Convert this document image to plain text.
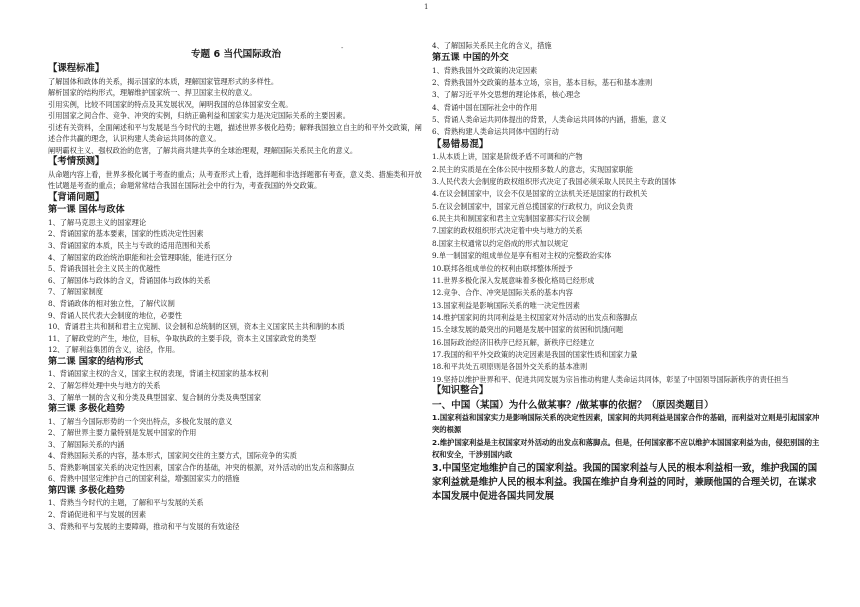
1
-
专题 6 当代国际政治
【课程标准】
了解国体和政体的关系，揭示国家的本质，理解国家管理形式的多样性。
解析国家的结构形式，理解维护国家统一、捍卫国家主权的意义。
引用实例，比较不同国家的特点及其发展状况，阐明我国的总体国家安全观。
引用国家之间合作、竞争、冲突的实例，归纳正确利益和国家实力是决定国际关系的主要因素。
引述有关资料，全面阐述和平与发展是当今时代的主题，描述世界多极化趋势；解释我国独立自主的和平外交政策，阐述合作共赢的理念，认识构建人类命运共同体的意义。
阐明霸权主义、强权政治的危害，了解共商共建共享的全球治理观，理解国际关系民主化的意义。
【考情预测】
从命题内容上看，世界多极化属于考查的重点；从考查形式上看，选择题和非选择题都有考查，意义类、措施类和开放性试题是考查的重点；命题常常结合我国在国际社会中的行为，考查我国的外交政策。
【背诵问题】
第一课 国体与政体
1、了解马克思主义的国家理论
2、背诵国家的基本要素，国家的性质决定性因素
3、背诵国家的本质，民主与专政的适用范围和关系
4、了解国家的政治统治职能和社会管理职能，能进行区分
5、背诵我国社会主义民主的优越性
6、了解国体与政体的含义，背诵国体与政体的关系
7、了解国家制度
8、背诵政体的相对独立性，了解代议制
9、背诵人民代表大会制度的地位，必要性
10、背诵君主共和制和君主立宪制、议会制和总统制的区别，资本主义国家民主共和制的本质
11、了解政党的产生，地位，目标，争取执政的主要手段，资本主义国家政党的类型
12、了解利益集团的含义，途径，作用。
第二课 国家的结构形式
1、背诵国家主权的含义，国家主权的表现，背诵主权国家的基本权利
2、了解怎样处理中央与地方的关系
3、了解单一制的含义和分类及典型国家、复合制的分类及典型国家
第三课 多极化趋势
1、了解当今国际形势的一个突出特点，多极化发展的意义
2、了解世界主要力量特别是发展中国家的作用
3、了解国际关系的内涵
4、背熟国际关系的内容，基本形式，国家间交往的主要方式，国际竞争的实质
5、背熟影响国家关系的决定性因素，国家合作的基础，冲突的根源，对外活动的出发点和落脚点
6、背熟中国坚定维护自己的国家利益，增强国家实力的措施
第四课 多极化趋势
1、背熟当今时代的主题，了解和平与发展的关系
2、背诵促进和平与发展的因素
3、背熟和平与发展的主要障碍，推动和平与发展的有效途径
4、了解国际关系民主化的含义，措施
第五课 中国的外交
1、背熟我国外交政策的决定因素
2、背熟我国外交政策的基本立场，宗旨，基本目标，基石和基本准则
3、了解习近平外交思想的理论体系，核心理念
4、背诵中国在国际社会中的作用
5、背诵人类命运共同体提出的背景，人类命运共同体的内涵，措施，意义
6、背熟构建人类命运共同体中国的行动
【易错易混】
1.从本质上讲，国家是阶级矛盾不可调和的产物
2.民主的实质是在全体公民中按照多数人的意志，实现国家职能
3.人民代表大会制度的政权组织形式决定了我国必须采取人民民主专政的国体
4.在议会制国家中，议会不仅是国家的立法机关还是国家的行政机关
5.在议会制国家中，国家元首总揽国家的行政权力，向议会负责
6.民主共和制国家和君主立宪制国家都实行议会制
7.国家的政权组织形式决定着中央与地方的关系
8.国家主权通常以约定俗成的形式加以规定
9.单一制国家的组成单位是享有相对主权的完整政治实体
10.联邦各组成单位的权利由联邦整体所授予
11.世界多极化深入发展意味着多极化格局已经形成
12.竞争、合作、冲突是国际关系的基本内容
13.国家利益是影响国际关系的唯一决定性因素
14.维护国家间的共同利益是主权国家对外活动的出发点和落脚点
15.全球发展的最突出的问题是发展中国家的贫困和饥饿问题
16.国际政治经济旧秩序已经瓦解，新秩序已经建立
17.我国的和平外交政策的决定因素是我国的国家性质和国家力量
18.和平共处五项原则是各国外交关系的基本准则
19.坚持以维护世界和平、促进共同发展为宗旨推动构建人类命运共同体，彰显了中国领导国际新秩序的责任担当
【知识整合】
一、中国（某国）为什么做某事？/做某事的依据？（原因类题目）
1.国家利益和国家实力是影响国际关系的决定性因素，国家间的共同利益是国家合作的基础，而利益对立则是引起国家冲突的根源
2.维护国家利益是主权国家对外活动的出发点和落脚点。但是，任何国家都不应以维护本国国家利益为由，侵犯别国的主权和安全，干涉别国内政
3.中国坚定地维护自己的国家利益。我国的国家利益与人民的根本利益相一致，维护我国的国家利益就是维护人民的根本利益。我国在维护自身利益的同时，兼顾他国的合理关切，在谋求本国发展中促进各国共同发展
